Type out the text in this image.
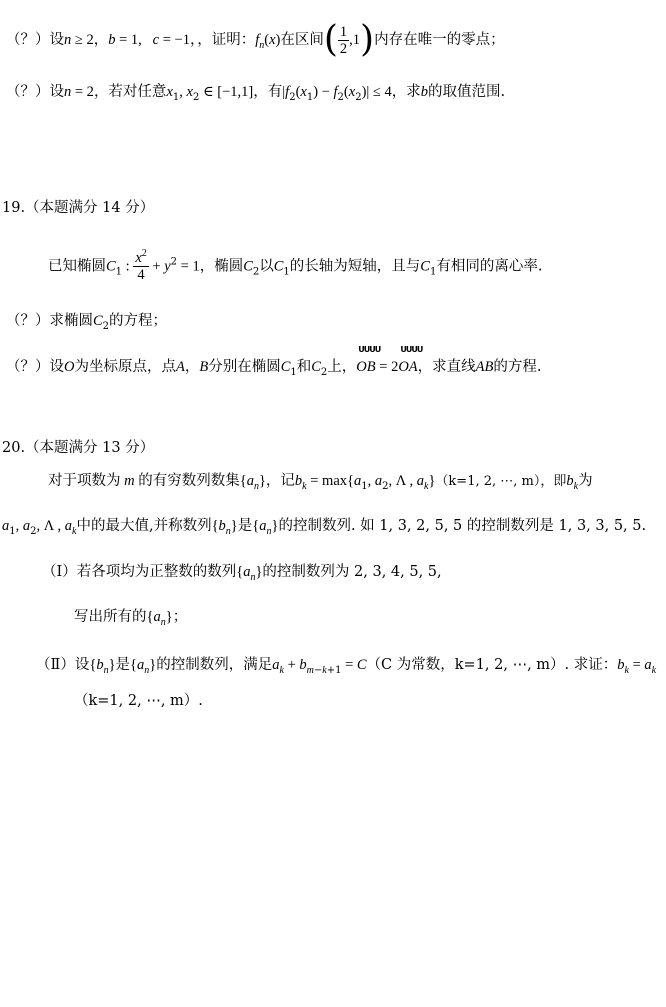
（？）设n ≥ 2，b = 1,   c = −1，，证明：$f_n(x)$在区间( $\frac{1}{2} ,1$)内存在唯一的零点；
（？）设n = 2，若对任意$x_1$, $x_2$ ∈ [−1,1]，有$|f_2(x_1) - f_2(x_2)| \le 4$，求b的取值范围.
19.（本题满分 14 分）
已知椭圆$C_1$ : $\frac{x^2}{4} + y^2 = 1$，椭圆$C_2$以$C_1$的长轴为短轴，且与$C_1$有相同的离心率.
（？）求椭圆$C_2$的方程；
（？）设O为坐标原点，点A，B分别在椭圆$C_1$和$C_2$上，
UUUU
OB = 2
UUUU
OA，求直线AB的方程.
20.（本题满分 13 分）
对于项数为 m 的有穷数列数集$\{a_n\}$，记$b_k = \max\{a_1$, $a_2$, Λ , $a_k\}(k=1$, 2, ⋯, m），即$b_k$为
$a_1$, $a_2$, Λ , $a_k$中的最大值,并称数列$\{b_n\}$是$\{a_n\}$的控制数列. 如 1, 3, 2, 5, 5 的控制数列是 1, 3, 3, 5, 5.
（Ⅰ）若各项均为正整数的数列$\{a_n\}$的控制数列为 2, 3, 4, 5, 5,
写出所有的$\{a_n\}$；
（Ⅱ）设$\{b_n\}$是$\{a_n\}$的控制数列，满足$a_k + b_{m-k+1} = C(C$ 为常数，k=1, 2, ⋯, m）. 求证：$b_k = a_k$
（k=1, 2, ⋯, m）.
